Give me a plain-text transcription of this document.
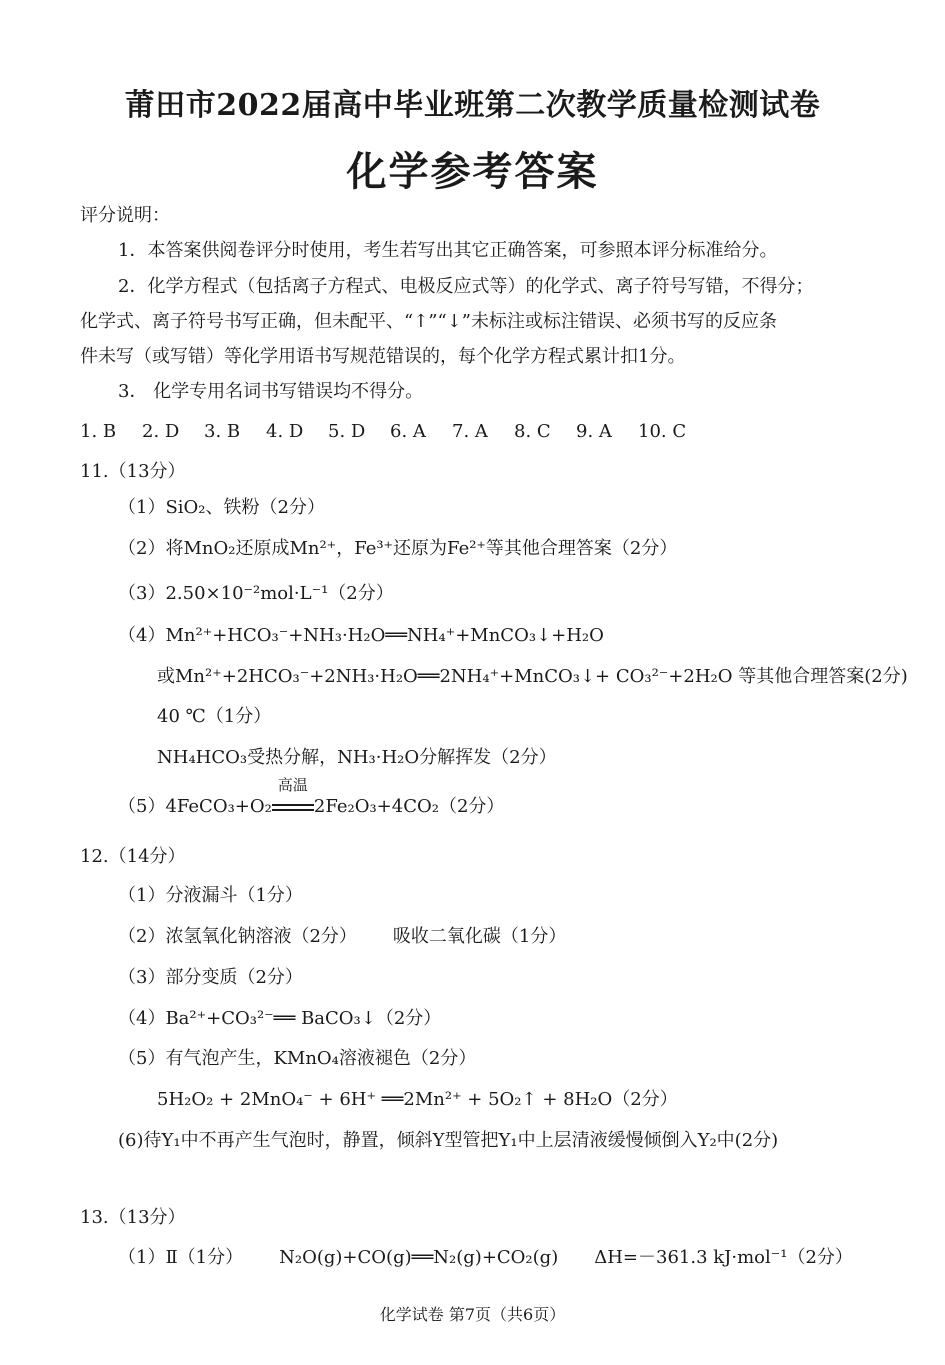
莆田市2022届高中毕业班第二次教学质量检测试卷
化学参考答案
评分说明：
1．本答案供阅卷评分时使用，考生若写出其它正确答案，可参照本评分标准给分。
2．化学方程式（包括离子方程式、电极反应式等）的化学式、离子符号写错，不得分；
化学式、离子符号书写正确，但未配平、“↑”“↓”未标注或标注错误、必须书写的反应条
件未写（或写错）等化学用语书写规范错误的，每个化学方程式累计扣1分。
3． 化学专用名词书写错误均不得分。
1. B	2. D	3. B	4. D	5. D	6. A	7. A	8. C	9. A	10. C
11.（13分）
（1）SiO₂、铁粉（2分）
（2）将MnO₂还原成Mn²⁺，Fe³⁺还原为Fe²⁺等其他合理答案（2分）
（3）2.50×10⁻²mol·L⁻¹（2分）
（4）Mn²⁺+HCO₃⁻+NH₃·H₂O══NH₄⁺+MnCO₃↓+H₂O
或Mn²⁺+2HCO₃⁻+2NH₃·H₂O══2NH₄⁺+MnCO₃↓+ CO₃²⁻+2H₂O 等其他合理答案(2分)
40 ℃（1分）
NH₄HCO₃受热分解，NH₃·H₂O分解挥发（2分）
（5）4FeCO₃+O₂
高温
2Fe₂O₃+4CO₂（2分）
12.（14分）
（1）分液漏斗（1分）
（2）浓氢氧化钠溶液（2分） 吸收二氧化碳（1分）
（3）部分变质（2分）
（4）Ba²⁺+CO₃²⁻══ BaCO₃↓（2分）
（5）有气泡产生，KMnO₄溶液褪色（2分）
5H₂O₂ + 2MnO₄⁻ + 6H⁺ ══2Mn²⁺ + 5O₂↑ + 8H₂O（2分）
(6)待Y₁中不再产生气泡时，静置，倾斜Y型管把Y₁中上层清液缓慢倾倒入Y₂中(2分)
13.（13分）
（1）Ⅱ（1分） N₂O(g)+CO(g)══N₂(g)+CO₂(g) ΔH=－361.3 kJ·mol⁻¹（2分）
化学试卷 第7页（共6页）
